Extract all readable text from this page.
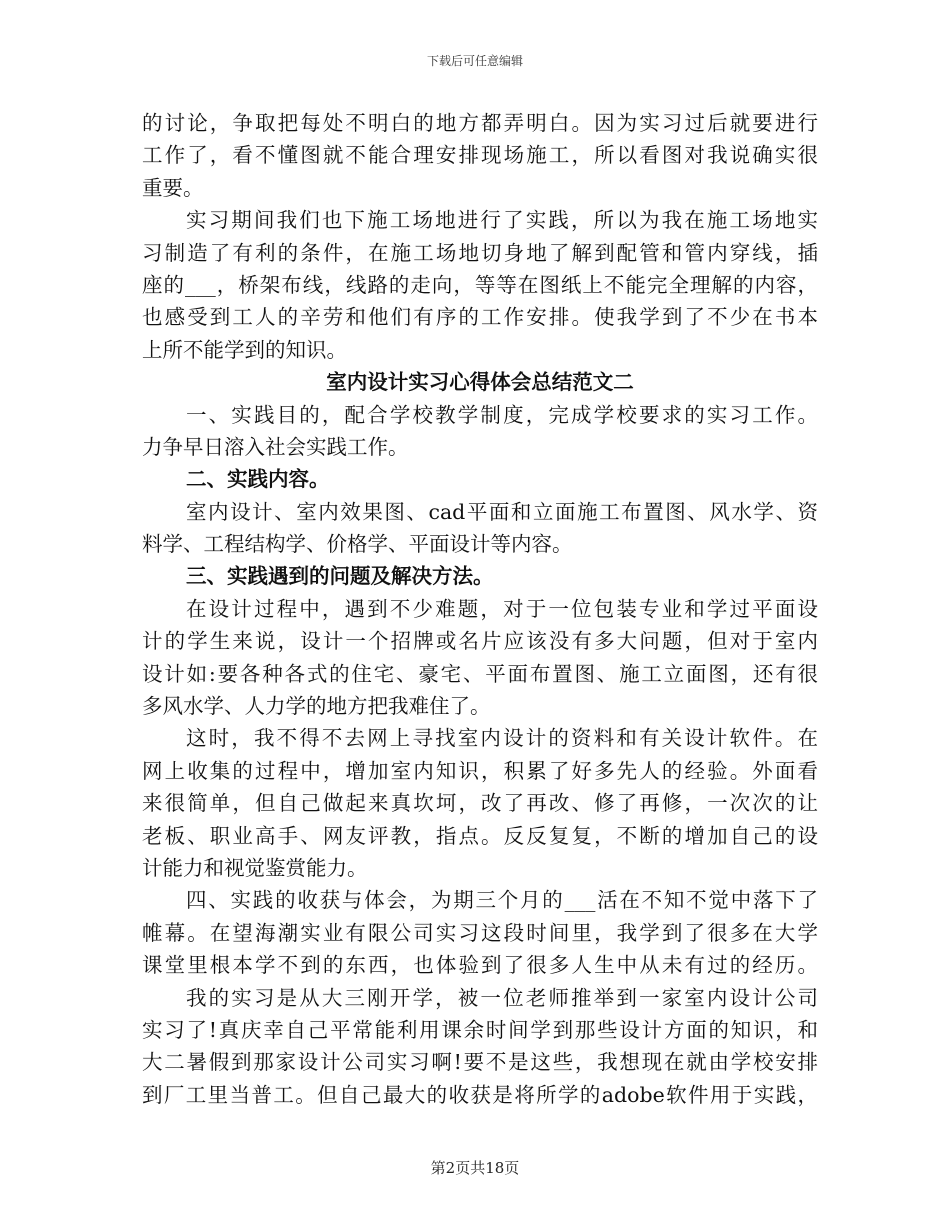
下载后可任意编辑
的讨论，争取把每处不明白的地方都弄明白。因为实习过后就要进行
工作了，看不懂图就不能合理安排现场施工，所以看图对我说确实很
重要。
实习期间我们也下施工场地进行了实践，所以为我在施工场地实
习制造了有利的条件，在施工场地切身地了解到配管和管内穿线，插
座的___，桥架布线，线路的走向，等等在图纸上不能完全理解的内容，
也感受到工人的辛劳和他们有序的工作安排。使我学到了不少在书本
上所不能学到的知识。
室内设计实习心得体会总结范文二
一、实践目的，配合学校教学制度，完成学校要求的实习工作。
力争早日溶入社会实践工作。
二、实践内容。
室内设计、室内效果图、cad平面和立面施工布置图、风水学、资
料学、工程结构学、价格学、平面设计等内容。
三、实践遇到的问题及解决方法。
在设计过程中，遇到不少难题，对于一位包装专业和学过平面设
计的学生来说，设计一个招牌或名片应该没有多大问题，但对于室内
设计如:要各种各式的住宅、豪宅、平面布置图、施工立面图，还有很
多风水学、人力学的地方把我难住了。
这时，我不得不去网上寻找室内设计的资料和有关设计软件。在
网上收集的过程中，增加室内知识，积累了好多先人的经验。外面看
来很简单，但自己做起来真坎坷，改了再改、修了再修，一次次的让
老板、职业高手、网友评教，指点。反反复复，不断的增加自己的设
计能力和视觉鉴赏能力。
四、实践的收获与体会，为期三个月的___活在不知不觉中落下了
帷幕。在望海潮实业有限公司实习这段时间里，我学到了很多在大学
课堂里根本学不到的东西，也体验到了很多人生中从未有过的经历。
我的实习是从大三刚开学，被一位老师推举到一家室内设计公司
实习了!真庆幸自己平常能利用课余时间学到那些设计方面的知识，和
大二暑假到那家设计公司实习啊!要不是这些，我想现在就由学校安排
到厂工里当普工。但自己最大的收获是将所学的adobe软件用于实践，
第2页共18页
